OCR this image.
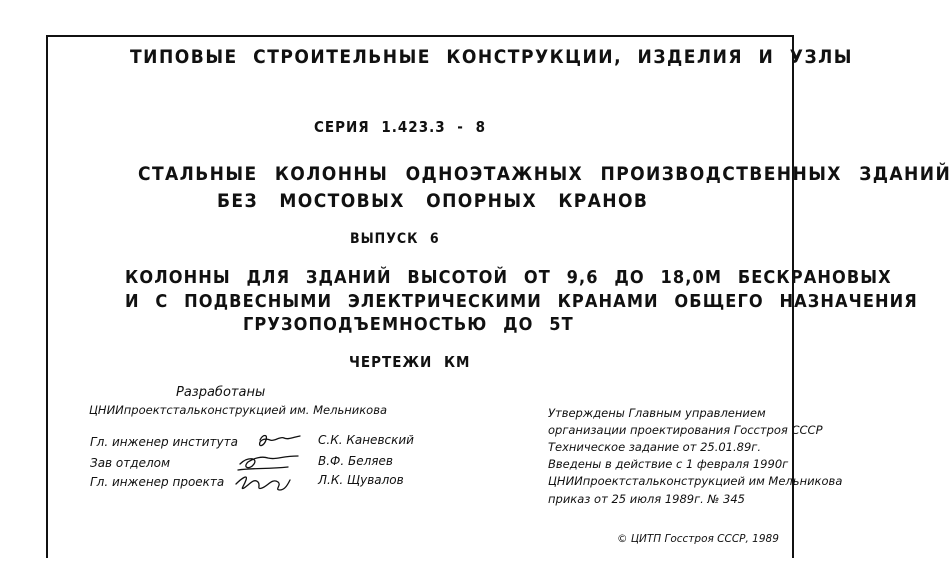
ТИПОВЫЕ СТРОИТЕЛЬНЫЕ КОНСТРУКЦИИ, ИЗДЕЛИЯ И УЗЛЫ
СЕРИЯ 1.423.3 - 8
СТАЛЬНЫЕ КОЛОННЫ ОДНОЭТАЖНЫХ ПРОИЗВОДСТВЕННЫХ ЗДАНИЙ
БЕЗ МОСТОВЫХ ОПОРНЫХ КРАНОВ
ВЫПУСК 6
КОЛОННЫ ДЛЯ ЗДАНИЙ ВЫСОТОЙ ОТ 9,6 ДО 18,0М БЕСКРАНОВЫХ
И С ПОДВЕСНЫМИ ЭЛЕКТРИЧЕСКИМИ КРАНАМИ ОБЩЕГО НАЗНАЧЕНИЯ
ГРУЗОПОДЪЕМНОСТЬЮ ДО 5Т
ЧЕРТЕЖИ КМ
Разработаны
ЦНИИпроектстальконструкцией им. Мельникова
Гл. инженер института
Зав отделом
Гл. инженер проекта
С.К. Каневский
В.Ф. Беляев
Л.К. Щувалов
Утверждены Главным управлением
организации проектирования Госстроя СССР
Техническое задание от 25.01.89г.
Введены в действие с 1 февраля 1990г
ЦНИИпроектстальконструкцией им Мельникова
приказ от 25 июля 1989г. № 345
© ЦИТП Госстроя СССР, 1989
